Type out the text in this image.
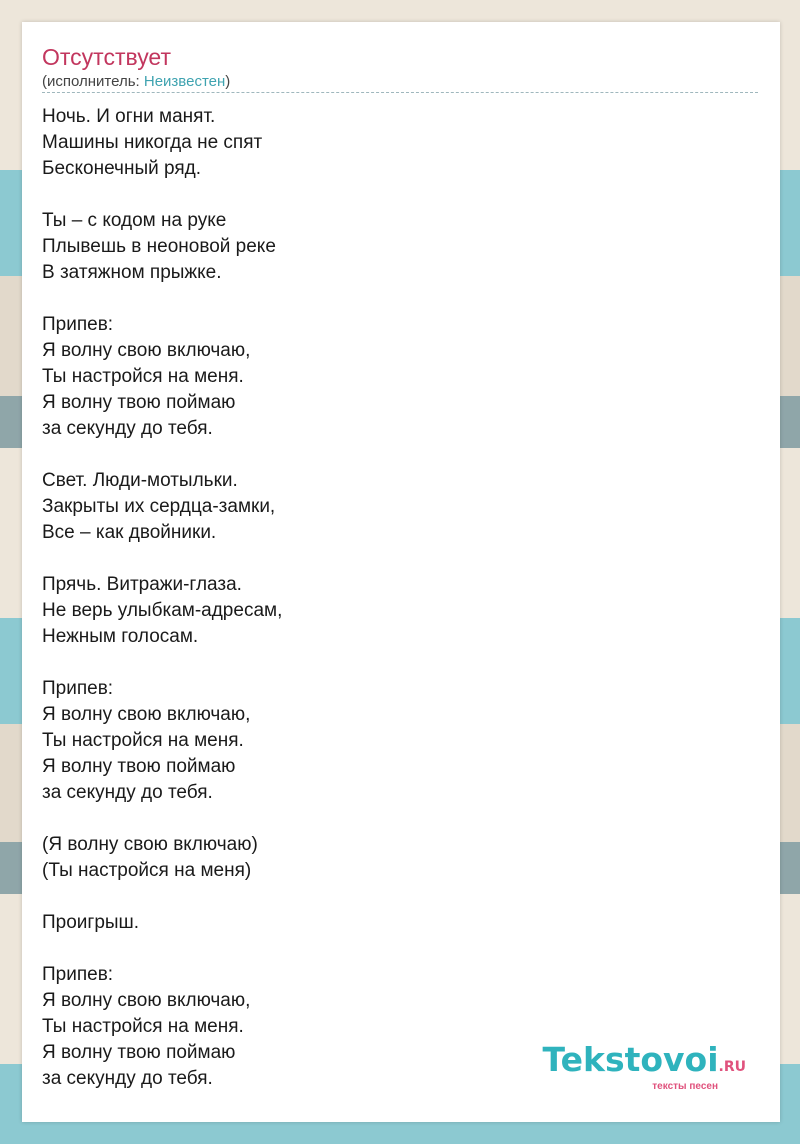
Отсутствует
(исполнитель: Неизвестен)
Ночь. И огни манят.
Машины никогда не спят
Бесконечный ряд.
Ты – с кодом на руке
Плывешь в неоновой реке
В затяжном прыжке.
Припев:
Я волну свою включаю,
Ты настройся на меня.
Я волну твою поймаю
за секунду до тебя.
Свет. Люди-мотыльки.
Закрыты их сердца-замки,
Все – как двойники.
Прячь. Витражи-глаза.
Не верь улыбкам-адресам,
Нежным голосам.
Припев:
Я волну свою включаю,
Ты настройся на меня.
Я волну твою поймаю
за секунду до тебя.
(Я волну свою включаю)
(Ты настройся на меня)
Проигрыш.
Припев:
Я волну свою включаю,
Ты настройся на меня.
Я волну твою поймаю
за секунду до тебя.	Tekstovoi.RU
тексты песен
